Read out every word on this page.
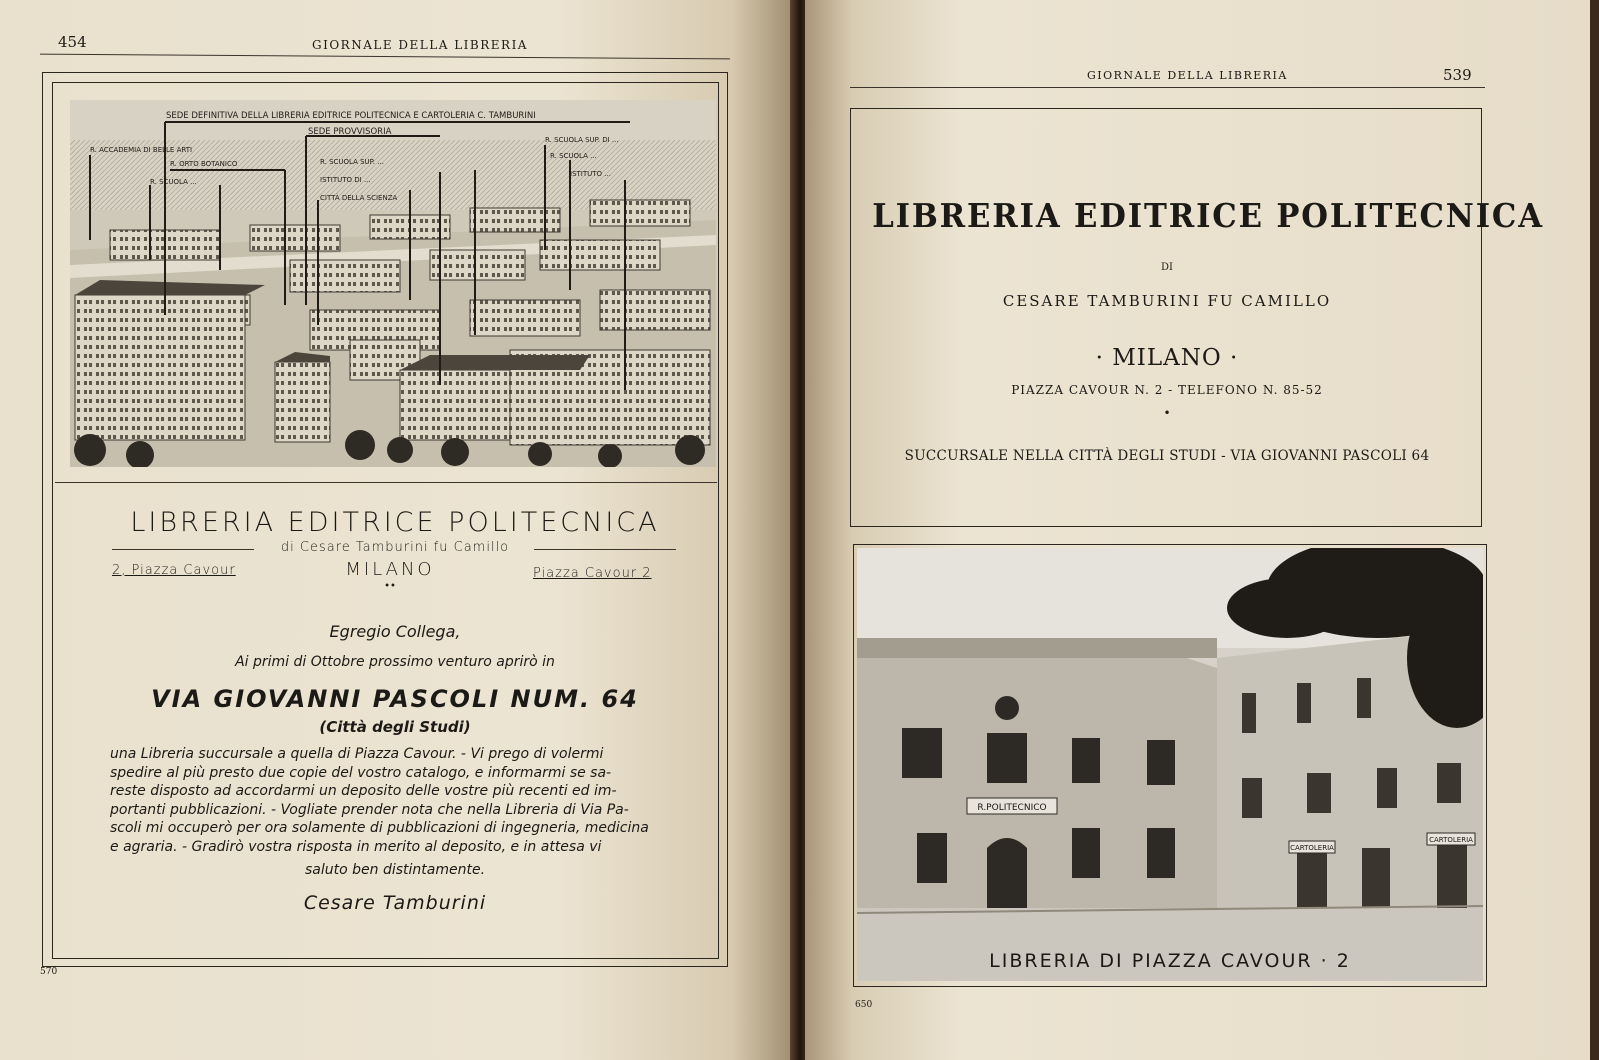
454	GIORNALE DELLA LIBRERIA
R. ACCADEMIA DI BELLE ARTI
R. ORTO BOTANICO
R. SCUOLA ...
R. SCUOLA SUP. ...
ISTITUTO DI ...
CITTÀ DELLA SCIENZA
R. SCUOLA SUP. DI ...
R. SCUOLA ...
ISTITUTO ...
SEDE DEFINITIVA DELLA LIBRERIA EDITRICE POLITECNICA E CARTOLERIA C. TAMBURINI
SEDE PROVVISORIA
LIBRERIA EDITRICE POLITECNICA
di Cesare Tamburini fu Camillo
2, Piazza Cavour	MILANO
••
Piazza Cavour 2
Egregio Collega,
Ai primi di Ottobre prossimo venturo aprirò in
VIA GIOVANNI PASCOLI NUM. 64
(Città degli Studi)
una Libreria succursale a quella di Piazza Cavour. - Vi prego di volermi
spedire al più presto due copie del vostro catalogo, e informarmi se sa-
reste disposto ad accordarmi un deposito delle vostre più recenti ed im-
portanti pubblicazioni. - Vogliate prender nota che nella Libreria di Via Pa-
scoli mi occuperò per ora solamente di pubblicazioni di ingegneria, medicina
e agraria. - Gradirò vostra risposta in merito al deposito, e in attesa vi
saluto ben distintamente.
Cesare Tamburini
570
GIORNALE DELLA LIBRERIA	539
LIBRERIA EDITRICE POLITECNICA
DI
CESARE TAMBURINI FU CAMILLO
· MILANO ·
PIAZZA CAVOUR N. 2 - TELEFONO N. 85-52
•
SUCCURSALE NELLA CITTÀ DEGLI STUDI - VIA GIOVANNI PASCOLI 64
R.POLITECNICO
CARTOLERIA
CARTOLERIA
LIBRERIA DI PIAZZA CAVOUR · 2
650
